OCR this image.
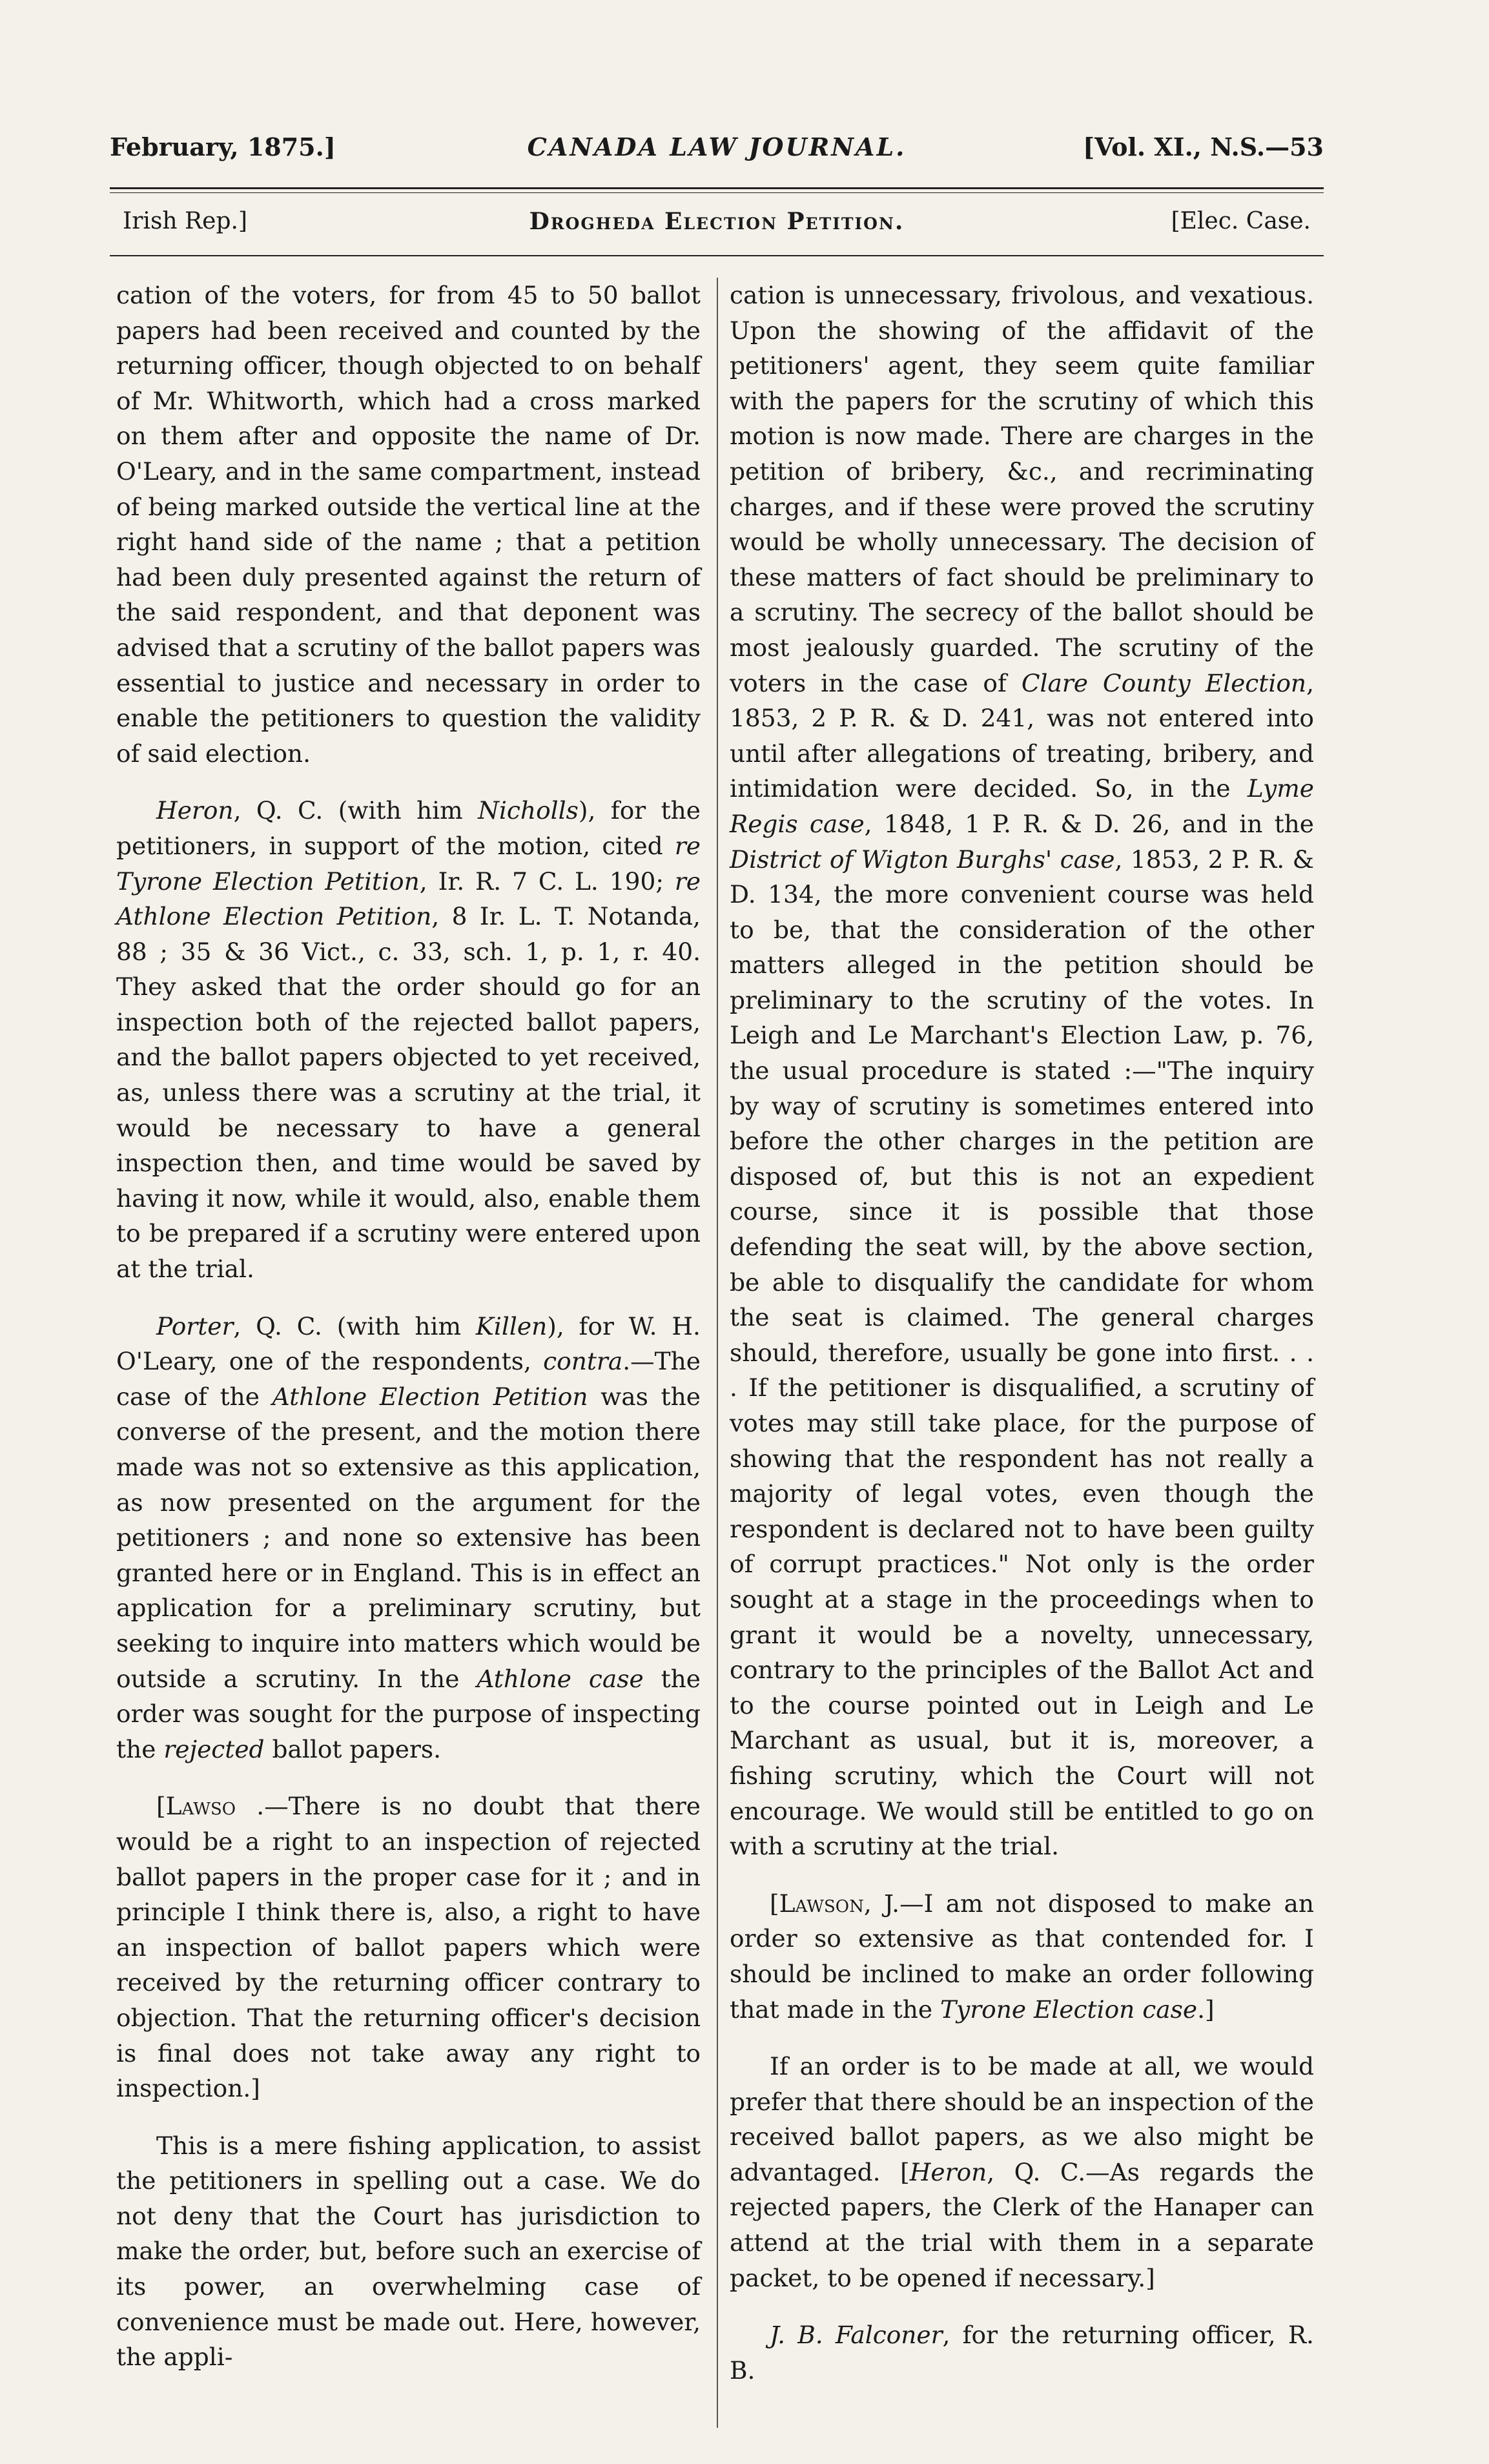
February, 1875.]	CANADA LAW JOURNAL.	[Vol. XI., N.S.—53
Irish Rep.]	Drogheda Election Petition.	[Elec. Case.

cation of the voters, for from 45 to 50 ballot papers had been received and counted by the returning officer, though objected to on behalf of Mr. Whitworth, which had a cross marked on them after and opposite the name of Dr. O'Leary, and in the same compartment, instead of being marked outside the vertical line at the right hand side of the name ; that a petition had been duly presented against the return of the said respondent, and that deponent was advised that a scrutiny of the ballot papers was essential to justice and necessary in order to enable the petitioners to question the validity of said election.

Heron, Q. C. (with him Nicholls), for the petitioners, in support of the motion, cited re Tyrone Election Petition, Ir. R. 7 C. L. 190; re Athlone Election Petition, 8 Ir. L. T. Notanda, 88 ; 35 & 36 Vict., c. 33, sch. 1, p. 1, r. 40. They asked that the order should go for an inspection both of the rejected ballot papers, and the ballot papers objected to yet received, as, unless there was a scrutiny at the trial, it would be necessary to have a general inspection then, and time would be saved by having it now, while it would, also, enable them to be prepared if a scrutiny were entered upon at the trial.

Porter, Q. C. (with him Killen), for W. H. O'Leary, one of the respondents, contra.—The case of the Athlone Election Petition was the converse of the present, and the motion there made was not so extensive as this application, as now presented on the argument for the petitioners ; and none so extensive has been granted here or in England. This is in effect an application for a preliminary scrutiny, but seeking to inquire into matters which would be outside a scrutiny. In the Athlone case the order was sought for the purpose of inspecting the rejected ballot papers.

[Lawso .—There is no doubt that there would be a right to an inspection of rejected ballot papers in the proper case for it ; and in principle I think there is, also, a right to have an inspection of ballot papers which were received by the returning officer contrary to objection. That the returning officer's decision is final does not take away any right to inspection.]

This is a mere fishing application, to assist the petitioners in spelling out a case. We do not deny that the Court has jurisdiction to make the order, but, before such an exercise of its power, an overwhelming case of convenience must be made out. Here, however, the appli-

cation is unnecessary, frivolous, and vexatious. Upon the showing of the affidavit of the petitioners' agent, they seem quite familiar with the papers for the scrutiny of which this motion is now made. There are charges in the petition of bribery, &c., and recriminating charges, and if these were proved the scrutiny would be wholly unnecessary. The decision of these matters of fact should be preliminary to a scrutiny. The secrecy of the ballot should be most jealously guarded. The scrutiny of the voters in the case of Clare County Election, 1853, 2 P. R. & D. 241, was not entered into until after allegations of treating, bribery, and intimidation were decided. So, in the Lyme Regis case, 1848, 1 P. R. & D. 26, and in the District of Wigton Burghs' case, 1853, 2 P. R. & D. 134, the more convenient course was held to be, that the consideration of the other matters alleged in the petition should be preliminary to the scrutiny of the votes. In Leigh and Le Marchant's Election Law, p. 76, the usual procedure is stated :—"The inquiry by way of scrutiny is sometimes entered into before the other charges in the petition are disposed of, but this is not an expedient course, since it is possible that those defending the seat will, by the above section, be able to disqualify the candidate for whom the seat is claimed. The general charges should, therefore, usually be gone into first. . . . If the petitioner is disqualified, a scrutiny of votes may still take place, for the purpose of showing that the respondent has not really a majority of legal votes, even though the respondent is declared not to have been guilty of corrupt practices." Not only is the order sought at a stage in the proceedings when to grant it would be a novelty, unnecessary, contrary to the principles of the Ballot Act and to the course pointed out in Leigh and Le Marchant as usual, but it is, moreover, a fishing scrutiny, which the Court will not encourage. We would still be entitled to go on with a scrutiny at the trial.

[Lawson, J.—I am not disposed to make an order so extensive as that contended for. I should be inclined to make an order following that made in the Tyrone Election case.]

If an order is to be made at all, we would prefer that there should be an inspection of the received ballot papers, as we also might be advantaged. [Heron, Q. C.—As regards the rejected papers, the Clerk of the Hanaper can attend at the trial with them in a separate packet, to be opened if necessary.]

J. B. Falconer, for the returning officer, R. B.
